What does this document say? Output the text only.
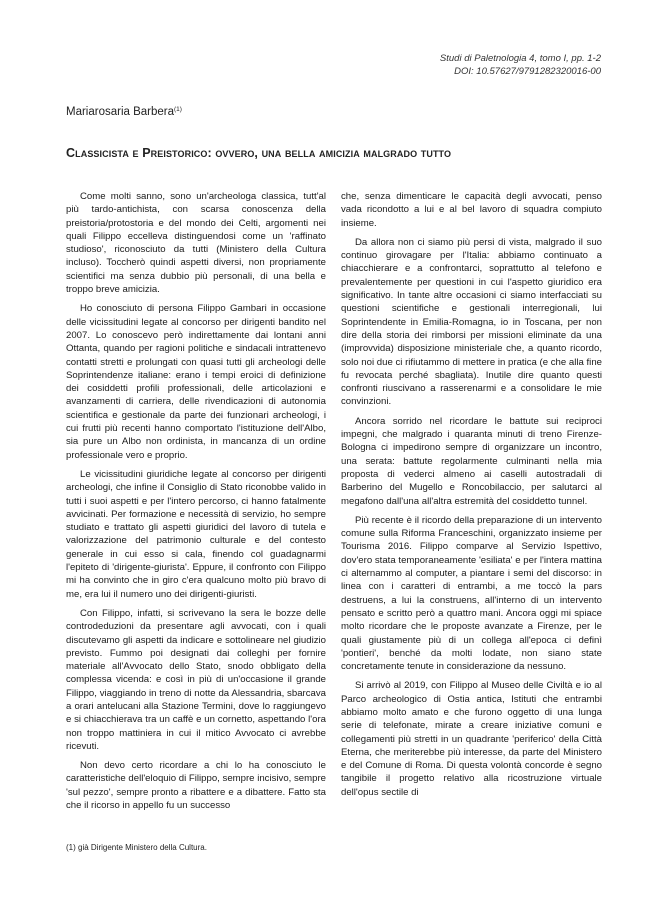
Studi di Paletnologia 4, tomo I, pp. 1-2
DOI: 10.57627/9791282320016-00
Mariarosaria Barbera$^{(1)}$
Classicista e Preistorico: ovvero, una bella amicizia malgrado tutto

Come molti sanno, sono un'archeologa classica, tutt'al più tardo-antichista, con scarsa conoscenza della preistoria/protostoria e del mondo dei Celti, argomenti nei quali Filippo eccelleva distinguendosi come un 'raffinato studioso', riconosciuto da tutti (Ministero della Cultura incluso). Toccherò quindi aspetti diversi, non propriamente scientifici ma senza dubbio più personali, di una bella e troppo breve amicizia.

Ho conosciuto di persona Filippo Gambari in occasione delle vicissitudini legate al concorso per dirigenti bandito nel 2007. Lo conoscevo però indirettamente dai lontani anni Ottanta, quando per ragioni politiche e sindacali intrattenevo contatti stretti e prolungati con quasi tutti gli archeologi delle Soprintendenze italiane: erano i tempi eroici di definizione dei cosiddetti profili professionali, delle articolazioni e avanzamenti di carriera, delle rivendicazioni di autonomia scientifica e gestionale da parte dei funzionari archeologi, i cui frutti più recenti hanno comportato l'istituzione dell'Albo, sia pure un Albo non ordinista, in mancanza di un ordine professionale vero e proprio.

Le vicissitudini giuridiche legate al concorso per dirigenti archeologi, che infine il Consiglio di Stato riconobbe valido in tutti i suoi aspetti e per l'intero percorso, ci hanno fatalmente avvicinati. Per formazione e necessità di servizio, ho sempre studiato e trattato gli aspetti giuridici del lavoro di tutela e valorizzazione del patrimonio culturale e del contesto generale in cui esso si cala, finendo col guadagnarmi l'epiteto di 'dirigente-giurista'. Eppure, il confronto con Filippo mi ha convinto che in giro c'era qualcuno molto più bravo di me, era lui il numero uno dei dirigenti-giuristi.

Con Filippo, infatti, si scrivevano la sera le bozze delle controdeduzioni da presentare agli avvocati, con i quali discutevamo gli aspetti da indicare e sottolineare nel giudizio previsto. Fummo poi designati dai colleghi per fornire materiale all'Avvocato dello Stato, snodo obbligato della complessa vicenda: e così in più di un'occasione il grande Filippo, viaggiando in treno di notte da Alessandria, sbarcava a orari antelucani alla Stazione Termini, dove lo raggiungevo e si chiacchierava tra un caffè e un cornetto, aspettando l'ora non troppo mattiniera in cui il mitico Avvocato ci avrebbe ricevuti.

Non devo certo ricordare a chi lo ha conosciuto le caratteristiche dell'eloquio di Filippo, sempre incisivo, sempre 'sul pezzo', sempre pronto a ribattere e a dibattere. Fatto sta che il ricorso in appello fu un successo

che, senza dimenticare le capacità degli avvocati, penso vada ricondotto a lui e al bel lavoro di squadra compiuto insieme.

Da allora non ci siamo più persi di vista, malgrado il suo continuo girovagare per l'Italia: abbiamo continuato a chiacchierare e a confrontarci, soprattutto al telefono e prevalentemente per questioni in cui l'aspetto giuridico era significativo. In tante altre occasioni ci siamo interfacciati su questioni scientifiche e gestionali interregionali, lui Soprintendente in Emilia-Romagna, io in Toscana, per non dire della storia dei rimborsi per missioni eliminate da una (improvvida) disposizione ministeriale che, a quanto ricordo, solo noi due ci rifiutammo di mettere in pratica (e che alla fine fu revocata perché sbagliata). Inutile dire quanto questi confronti riuscivano a rasserenarmi e a consolidare le mie convinzioni.

Ancora sorrido nel ricordare le battute sui reciproci impegni, che malgrado i quaranta minuti di treno Firenze-Bologna ci impedirono sempre di organizzare un incontro, una serata: battute regolarmente culminanti nella mia proposta di vederci almeno ai caselli autostradali di Barberino del Mugello e Roncobilaccio, per salutarci al megafono dall'una all'altra estremità del cosiddetto tunnel.

Più recente è il ricordo della preparazione di un intervento comune sulla Riforma Franceschini, organizzato insieme per Tourisma 2016. Filippo comparve al Servizio Ispettivo, dov'ero stata temporaneamente 'esiliata' e per l'intera mattina ci alternammo al computer, a piantare i semi del discorso: in linea con i caratteri di entrambi, a me toccò la pars destruens, a lui la construens, all'interno di un intervento pensato e scritto però a quattro mani. Ancora oggi mi spiace molto ricordare che le proposte avanzate a Firenze, per le quali giustamente più di un collega all'epoca ci definì 'pontieri', benché da molti lodate, non siano state concretamente tenute in considerazione da nessuno.

Si arrivò al 2019, con Filippo al Museo delle Civiltà e io al Parco archeologico di Ostia antica, Istituti che entrambi abbiamo molto amato e che furono oggetto di una lunga serie di telefonate, mirate a creare iniziative comuni e collegamenti più stretti in un quadrante 'periferico' della Città Eterna, che meriterebbe più interesse, da parte del Ministero e del Comune di Roma. Di questa volontà concorde è segno tangibile il progetto relativo alla ricostruzione virtuale dell'opus sectile di

(1) già Dirigente Ministero della Cultura.
